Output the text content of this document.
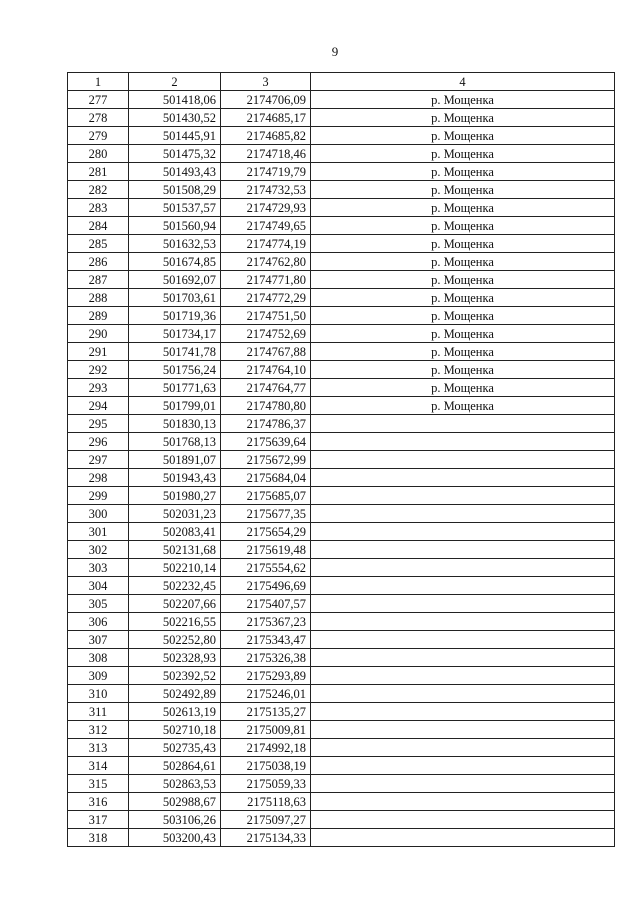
9
1	2	3	4
277	501418,06	2174706,09	р. Мощенка
278	501430,52	2174685,17	р. Мощенка
279	501445,91	2174685,82	р. Мощенка
280	501475,32	2174718,46	р. Мощенка
281	501493,43	2174719,79	р. Мощенка
282	501508,29	2174732,53	р. Мощенка
283	501537,57	2174729,93	р. Мощенка
284	501560,94	2174749,65	р. Мощенка
285	501632,53	2174774,19	р. Мощенка
286	501674,85	2174762,80	р. Мощенка
287	501692,07	2174771,80	р. Мощенка
288	501703,61	2174772,29	р. Мощенка
289	501719,36	2174751,50	р. Мощенка
290	501734,17	2174752,69	р. Мощенка
291	501741,78	2174767,88	р. Мощенка
292	501756,24	2174764,10	р. Мощенка
293	501771,63	2174764,77	р. Мощенка
294	501799,01	2174780,80	р. Мощенка
295	501830,13	2174786,37	
296	501768,13	2175639,64	
297	501891,07	2175672,99	
298	501943,43	2175684,04	
299	501980,27	2175685,07	
300	502031,23	2175677,35	
301	502083,41	2175654,29	
302	502131,68	2175619,48	
303	502210,14	2175554,62	
304	502232,45	2175496,69	
305	502207,66	2175407,57	
306	502216,55	2175367,23	
307	502252,80	2175343,47	
308	502328,93	2175326,38	
309	502392,52	2175293,89	
310	502492,89	2175246,01	
311	502613,19	2175135,27	
312	502710,18	2175009,81	
313	502735,43	2174992,18	
314	502864,61	2175038,19	
315	502863,53	2175059,33	
316	502988,67	2175118,63	
317	503106,26	2175097,27	
318	503200,43	2175134,33	
